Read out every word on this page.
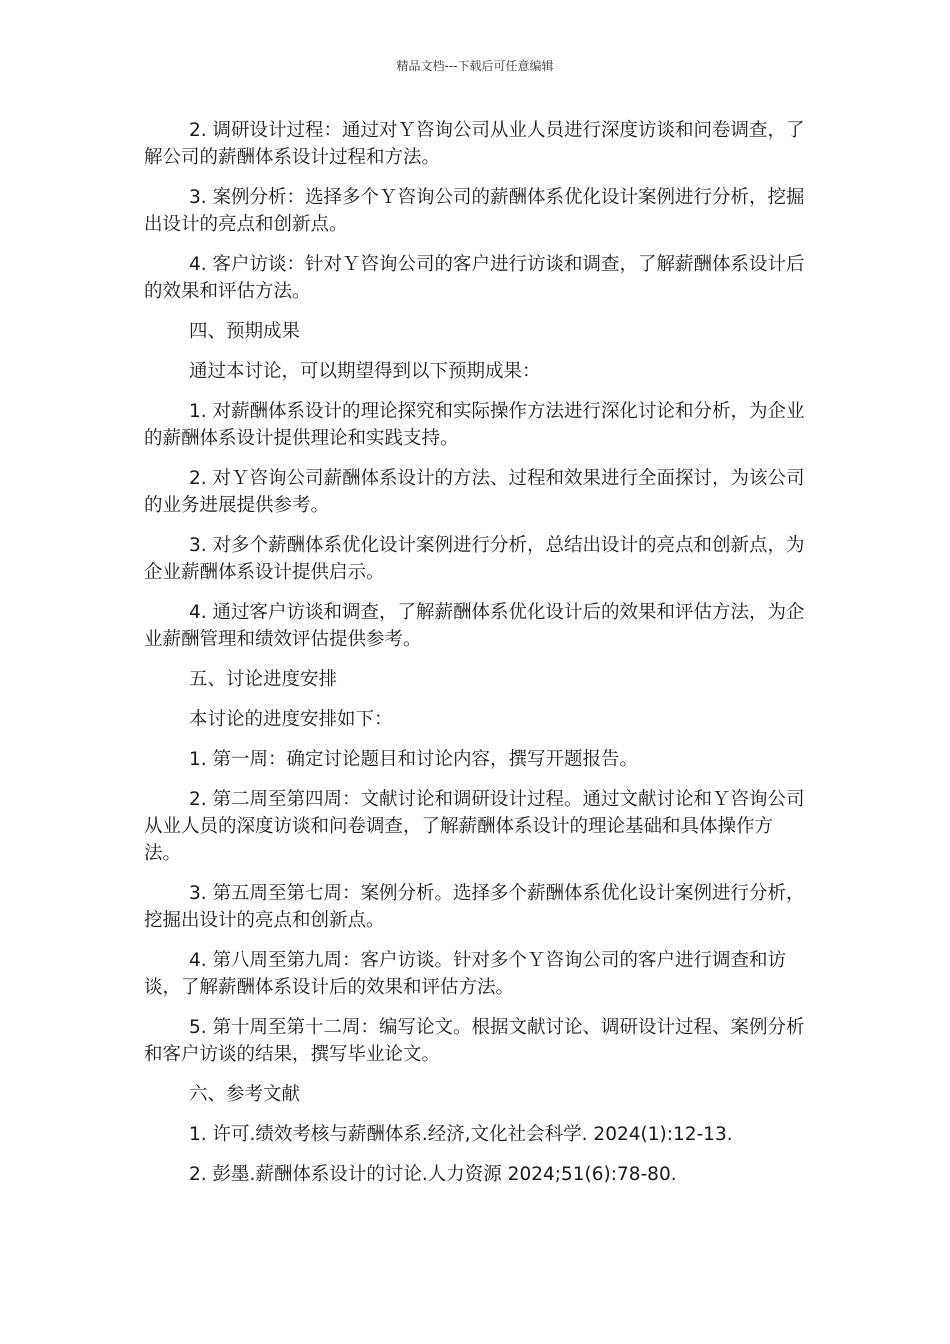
精品文档---下载后可任意编辑

2. 调研设计过程：通过对Ｙ咨询公司从业人员进行深度访谈和问卷调查，了解公司的薪酬体系设计过程和方法。

3. 案例分析：选择多个Ｙ咨询公司的薪酬体系优化设计案例进行分析，挖掘出设计的亮点和创新点。

4. 客户访谈：针对Ｙ咨询公司的客户进行访谈和调查，了解薪酬体系设计后的效果和评估方法。

四、预期成果

通过本讨论，可以期望得到以下预期成果：

1. 对薪酬体系设计的理论探究和实际操作方法进行深化讨论和分析，为企业的薪酬体系设计提供理论和实践支持。

2. 对Ｙ咨询公司薪酬体系设计的方法、过程和效果进行全面探讨，为该公司的业务进展提供参考。

3. 对多个薪酬体系优化设计案例进行分析，总结出设计的亮点和创新点，为企业薪酬体系设计提供启示。

4. 通过客户访谈和调查，了解薪酬体系优化设计后的效果和评估方法，为企业薪酬管理和绩效评估提供参考。

五、讨论进度安排

本讨论的进度安排如下：

1. 第一周：确定讨论题目和讨论内容，撰写开题报告。

2. 第二周至第四周：文献讨论和调研设计过程。通过文献讨论和Ｙ咨询公司从业人员的深度访谈和问卷调查，了解薪酬体系设计的理论基础和具体操作方法。

3. 第五周至第七周：案例分析。选择多个薪酬体系优化设计案例进行分析，挖掘出设计的亮点和创新点。

4. 第八周至第九周：客户访谈。针对多个Ｙ咨询公司的客户进行调查和访谈，了解薪酬体系设计后的效果和评估方法。

5. 第十周至第十二周：编写论文。根据文献讨论、调研设计过程、案例分析和客户访谈的结果，撰写毕业论文。

六、参考文献

1. 许可.绩效考核与薪酬体系.经济,文化社会科学. 2024(1):12-13.

2. 彭墨.薪酬体系设计的讨论.人力资源 2024;51(6):78-80.
